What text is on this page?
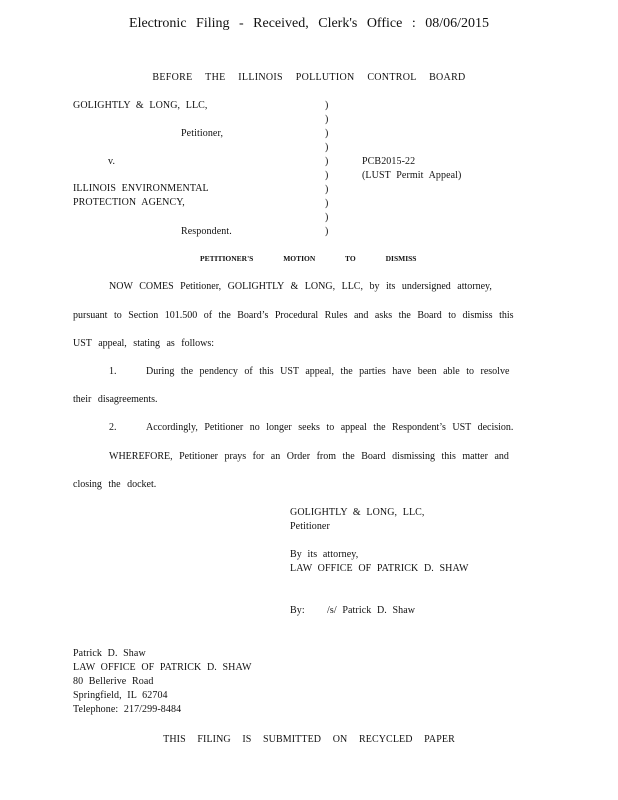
Electronic Filing - Received, Clerk's Office : 08/06/2015
BEFORE THE ILLINOIS POLLUTION CONTROL BOARD
GOLIGHTLY & LONG, LLC,
Petitioner,
v.
ILLINOIS ENVIRONMENTAL
PROTECTION AGENCY,
Respondent.
)
)
)
)
)
)
)
)
)
)
PCB2015-22
(LUST Permit Appeal)
PETITIONER'S MOTION TO DISMISS
NOW COMES Petitioner, GOLIGHTLY & LONG, LLC, by its undersigned attorney,
pursuant to Section 101.500 of the Board’s Procedural Rules and asks the Board to dismiss this
UST appeal, stating as follows:
1.	During the pendency of this UST appeal, the parties have been able to resolve
their disagreements.
2.	Accordingly, Petitioner no longer seeks to appeal the Respondent’s UST decision.
WHEREFORE, Petitioner prays for an Order from the Board dismissing this matter and
closing the docket.
GOLIGHTLY & LONG, LLC,
Petitioner
By its attorney,
LAW OFFICE OF PATRICK D. SHAW
By: /s/ Patrick D. Shaw
Patrick D. Shaw
LAW OFFICE OF PATRICK D. SHAW
80 Bellerive Road
Springfield, IL 62704
Telephone: 217/299-8484
THIS FILING IS SUBMITTED ON RECYCLED PAPER
